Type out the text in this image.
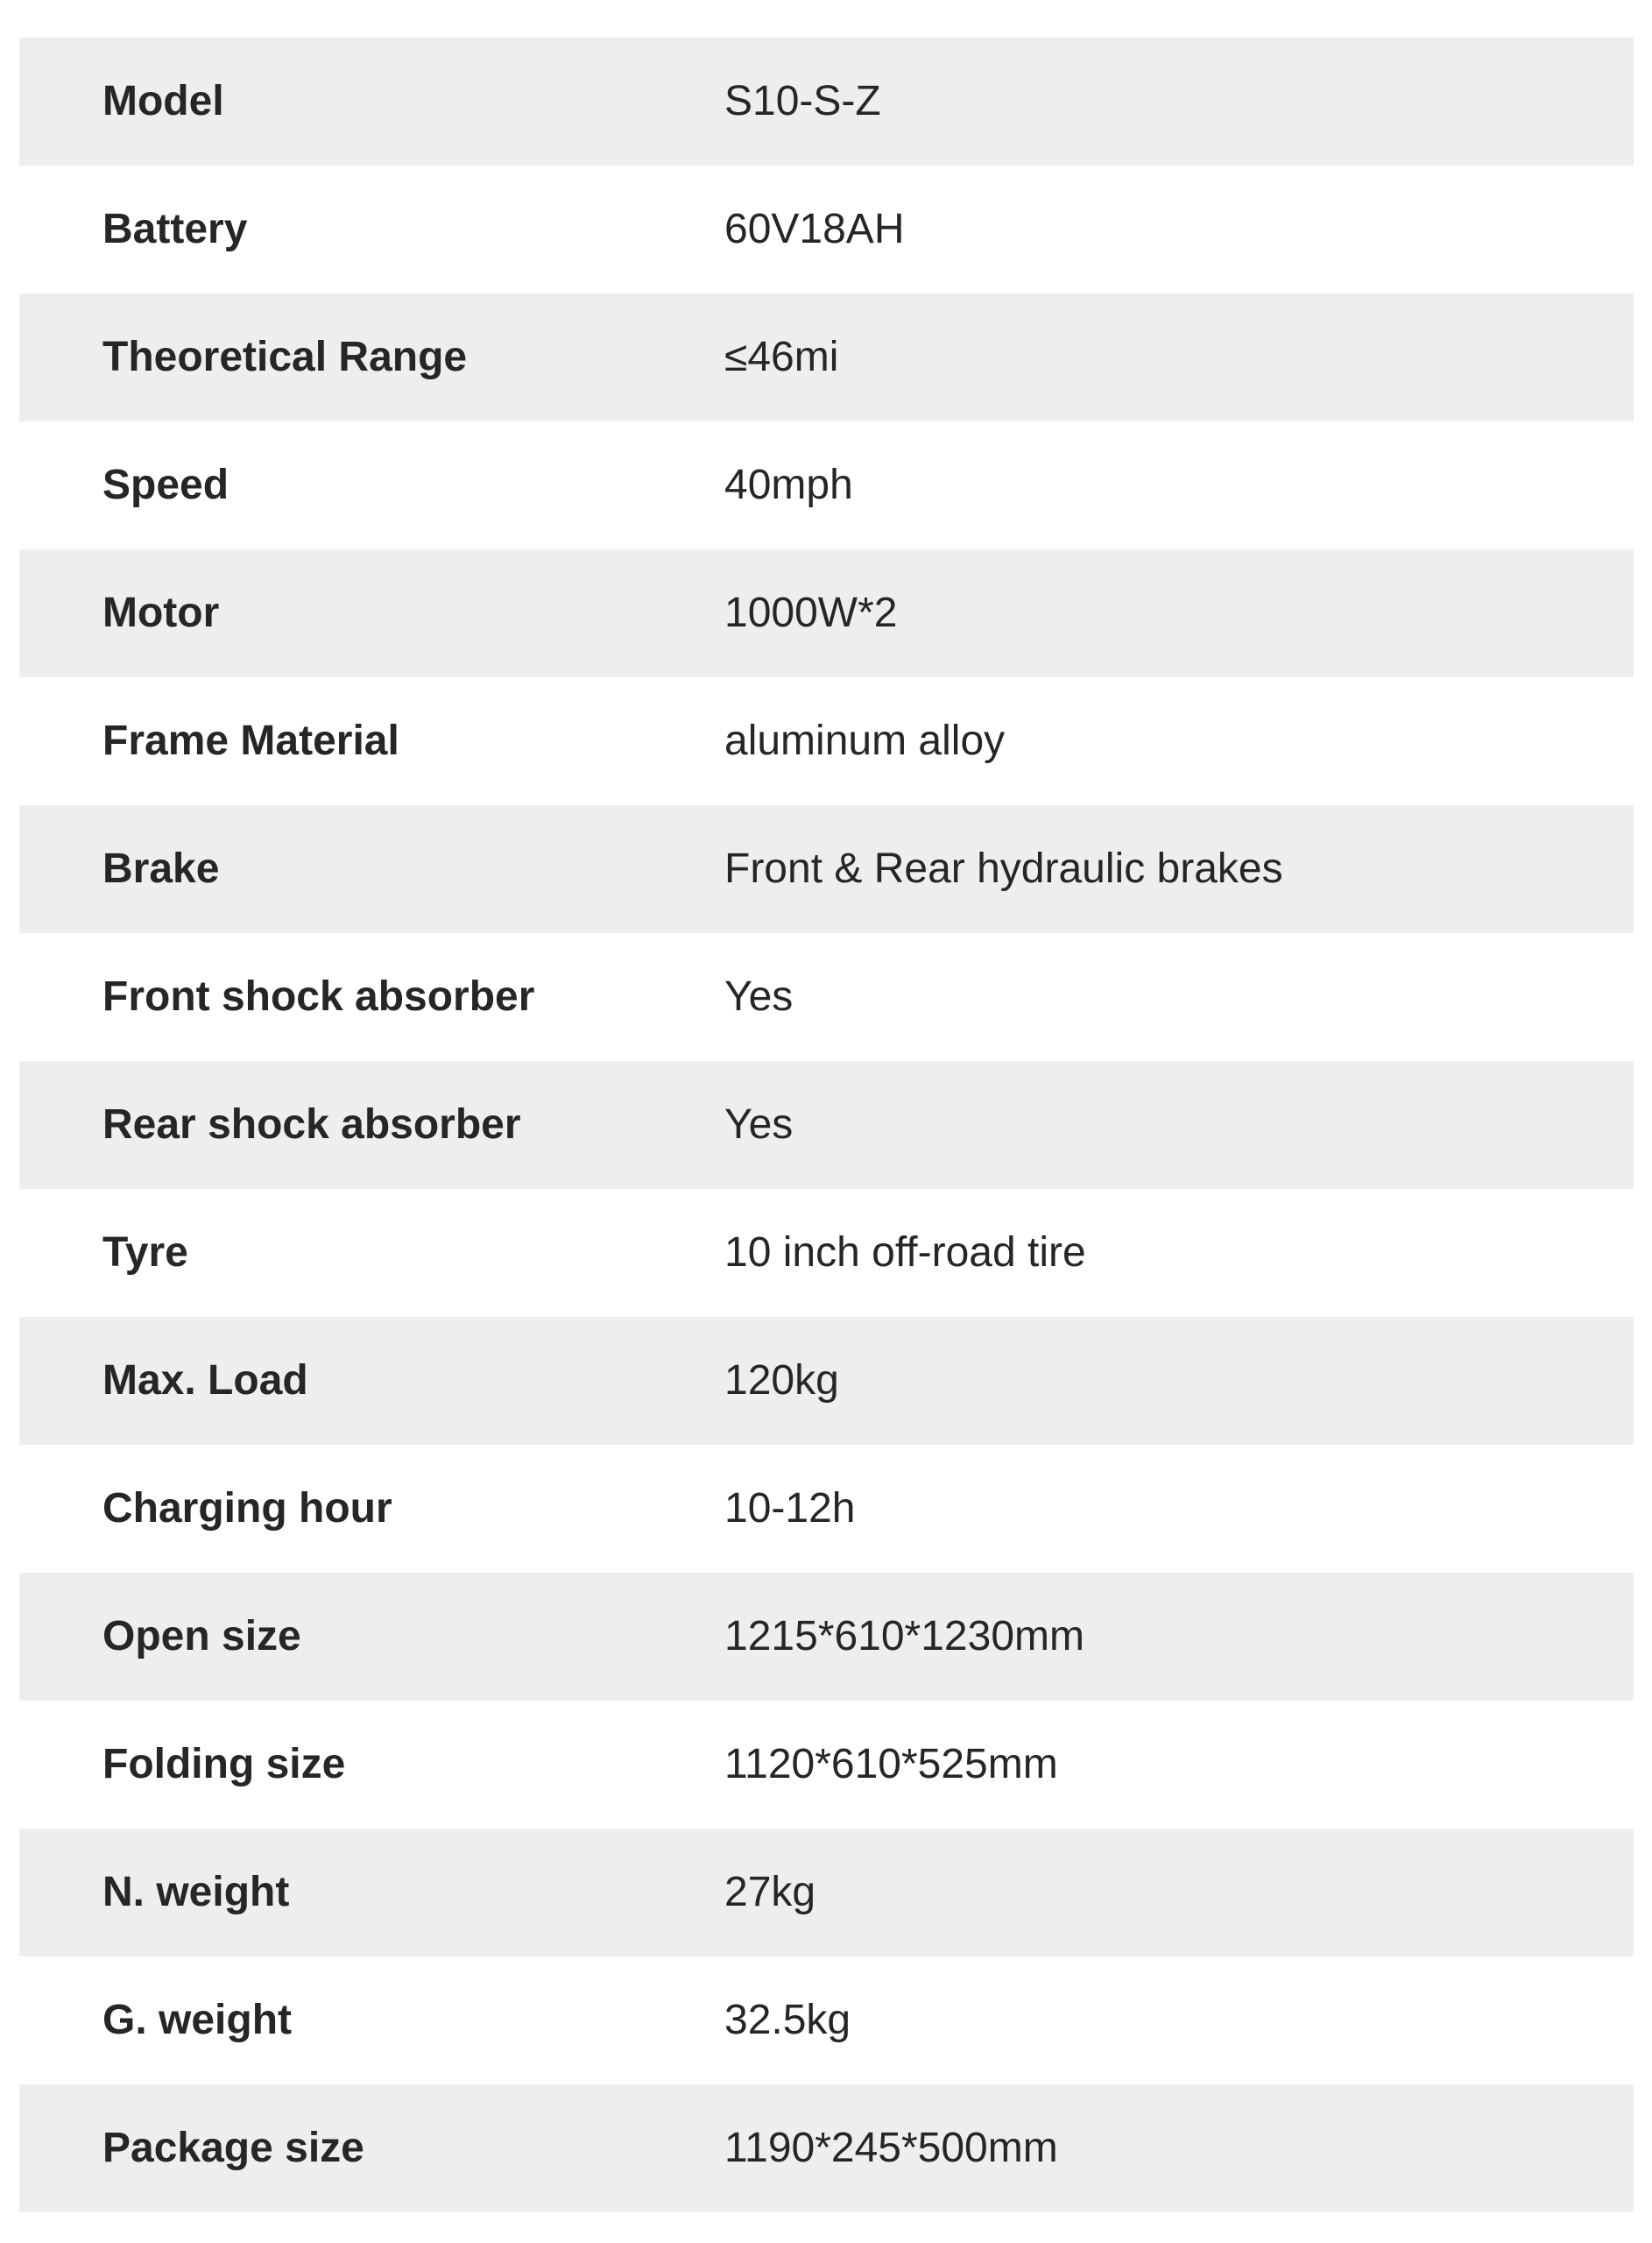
Model	S10-S-Z
Battery	60V18AH
Theoretical Range	≤46mi
Speed	40mph
Motor	1000W*2
Frame Material	aluminum alloy
Brake	Front & Rear hydraulic brakes
Front shock absorber	Yes
Rear shock absorber	Yes
Tyre	10 inch off-road tire
Max. Load	120kg
Charging hour	10-12h
Open size	1215*610*1230mm
Folding size	1120*610*525mm
N. weight	27kg
G. weight	32.5kg
Package size	1190*245*500mm
